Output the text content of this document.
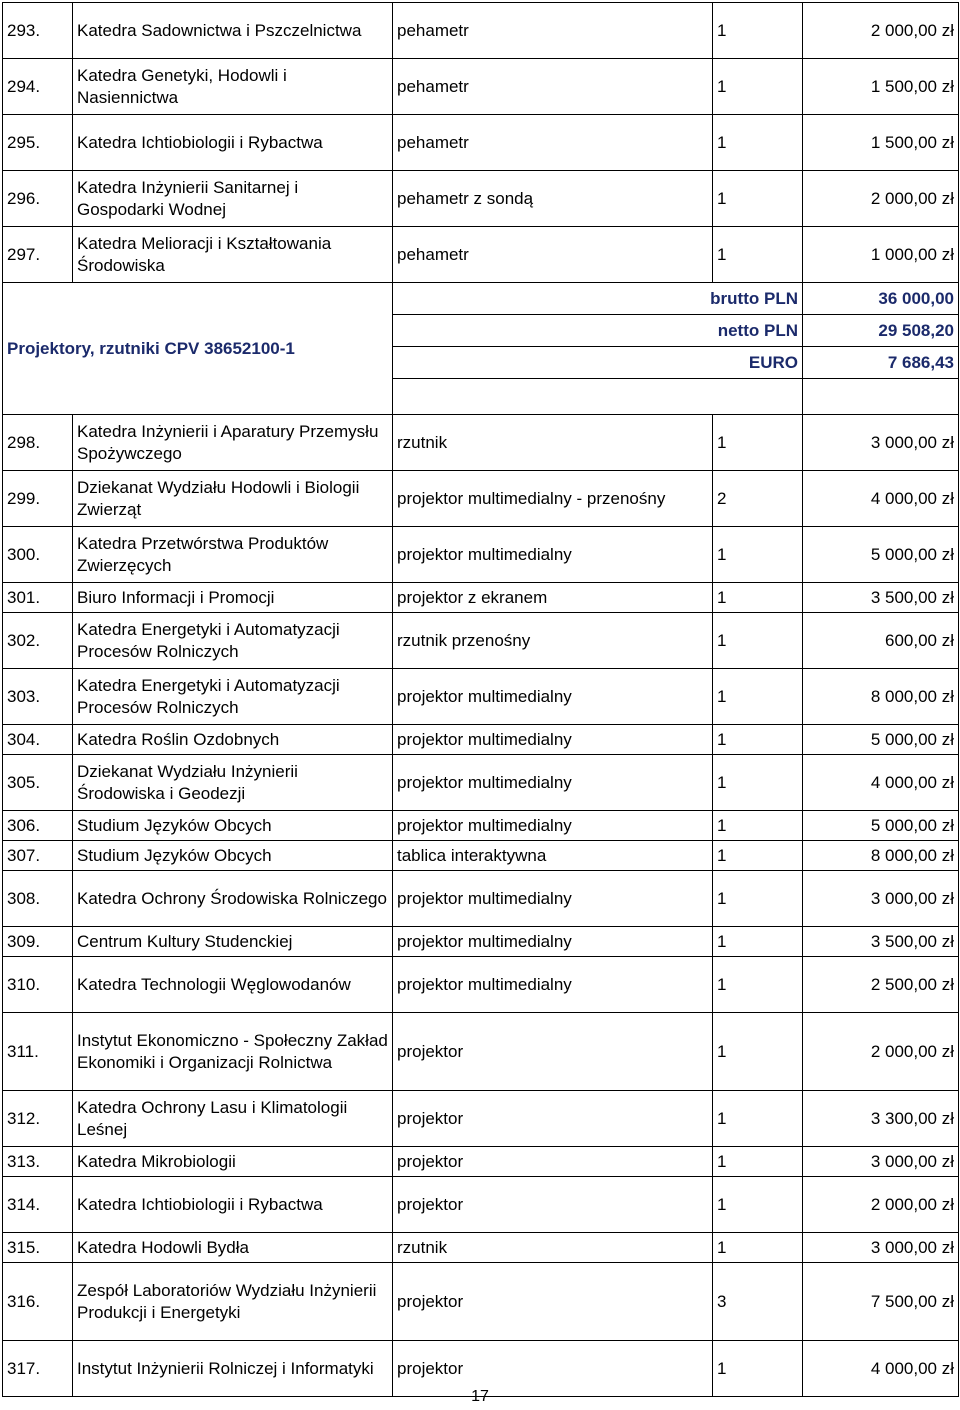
293.	Katedra Sadownictwa i Pszczelnictwa	pehametr	1	2 000,00 zł
294.	Katedra Genetyki, Hodowli i Nasiennictwa	pehametr	1	1 500,00 zł
295.	Katedra Ichtiobiologii i Rybactwa	pehametr	1	1 500,00 zł
296.	Katedra Inżynierii Sanitarnej i Gospodarki Wodnej	pehametr z sondą	1	2 000,00 zł
297.	Katedra Melioracji i Kształtowania Środowiska	pehametr	1	1 000,00 zł
Projektory, rzutniki CPV 38652100-1		brutto PLN		36 000,00
		netto PLN		29 508,20
		EURO		7 686,43

298.	Katedra Inżynierii i Aparatury Przemysłu Spożywczego	rzutnik	1	3 000,00 zł
299.	Dziekanat Wydziału Hodowli i Biologii Zwierząt	projektor multimedialny - przenośny	2	4 000,00 zł
300.	Katedra Przetwórstwa Produktów Zwierzęcych	projektor multimedialny	1	5 000,00 zł
301.	Biuro Informacji i Promocji	projektor z ekranem	1	3 500,00 zł
302.	Katedra Energetyki i Automatyzacji Procesów Rolniczych	rzutnik przenośny	1	600,00 zł
303.	Katedra Energetyki i Automatyzacji Procesów Rolniczych	projektor multimedialny	1	8 000,00 zł
304.	Katedra Roślin Ozdobnych	projektor multimedialny	1	5 000,00 zł
305.	Dziekanat Wydziału Inżynierii Środowiska i Geodezji	projektor multimedialny	1	4 000,00 zł
306.	Studium Języków Obcych	projektor multimedialny	1	5 000,00 zł
307.	Studium Języków Obcych	tablica interaktywna	1	8 000,00 zł
308.	Katedra Ochrony Środowiska Rolniczego	projektor multimedialny	1	3 000,00 zł
309.	Centrum Kultury Studenckiej	projektor multimedialny	1	3 500,00 zł
310.	Katedra Technologii Węglowodanów	projektor multimedialny	1	2 500,00 zł
311.	Instytut Ekonomiczno - Społeczny Zakład Ekonomiki i Organizacji Rolnictwa	projektor	1	2 000,00 zł
312.	Katedra Ochrony Lasu i Klimatologii Leśnej	projektor	1	3 300,00 zł
313.	Katedra Mikrobiologii	projektor	1	3 000,00 zł
314.	Katedra Ichtiobiologii i Rybactwa	projektor	1	2 000,00 zł
315.	Katedra Hodowli Bydła	rzutnik	1	3 000,00 zł
316.	Zespół Laboratoriów Wydziału Inżynierii Produkcji i Energetyki	projektor	3	7 500,00 zł
317.	Instytut Inżynierii Rolniczej i Informatyki	projektor	1	4 000,00 zł
17
